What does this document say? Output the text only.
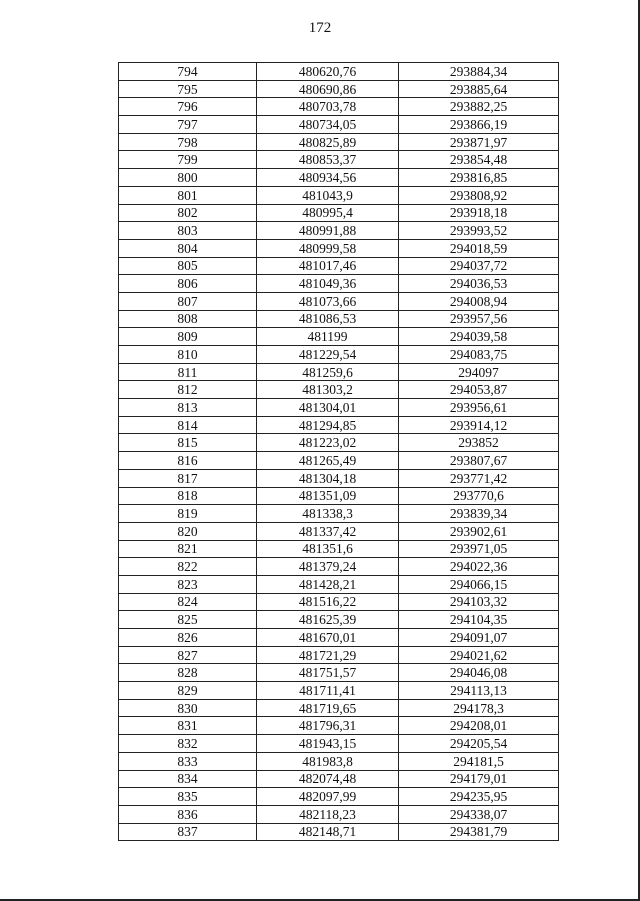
172
794	480620,76	293884,34
795	480690,86	293885,64
796	480703,78	293882,25
797	480734,05	293866,19
798	480825,89	293871,97
799	480853,37	293854,48
800	480934,56	293816,85
801	481043,9	293808,92
802	480995,4	293918,18
803	480991,88	293993,52
804	480999,58	294018,59
805	481017,46	294037,72
806	481049,36	294036,53
807	481073,66	294008,94
808	481086,53	293957,56
809	481199	294039,58
810	481229,54	294083,75
811	481259,6	294097
812	481303,2	294053,87
813	481304,01	293956,61
814	481294,85	293914,12
815	481223,02	293852
816	481265,49	293807,67
817	481304,18	293771,42
818	481351,09	293770,6
819	481338,3	293839,34
820	481337,42	293902,61
821	481351,6	293971,05
822	481379,24	294022,36
823	481428,21	294066,15
824	481516,22	294103,32
825	481625,39	294104,35
826	481670,01	294091,07
827	481721,29	294021,62
828	481751,57	294046,08
829	481711,41	294113,13
830	481719,65	294178,3
831	481796,31	294208,01
832	481943,15	294205,54
833	481983,8	294181,5
834	482074,48	294179,01
835	482097,99	294235,95
836	482118,23	294338,07
837	482148,71	294381,79
